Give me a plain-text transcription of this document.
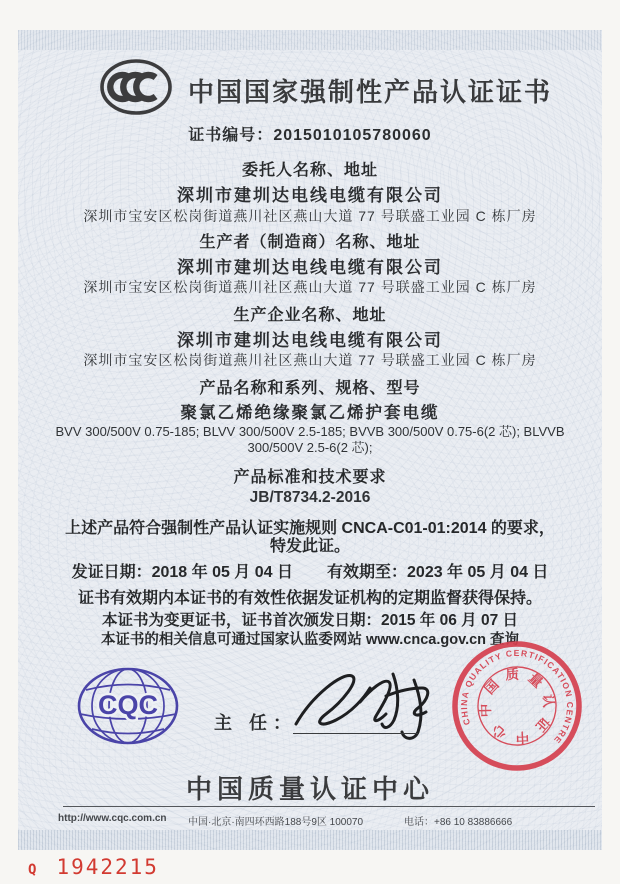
中国国家强制性产品认证证书
证书编号：2015010105780060
委托人名称、地址
深圳市建圳达电线电缆有限公司
深圳市宝安区松岗街道燕川社区燕山大道 77 号联盛工业园 C 栋厂房
生产者（制造商）名称、地址
深圳市建圳达电线电缆有限公司
深圳市宝安区松岗街道燕川社区燕山大道 77 号联盛工业园 C 栋厂房
生产企业名称、地址
深圳市建圳达电线电缆有限公司
深圳市宝安区松岗街道燕川社区燕山大道 77 号联盛工业园 C 栋厂房
产品名称和系列、规格、型号
聚氯乙烯绝缘聚氯乙烯护套电缆
BVV 300/500V 0.75-185; BLVV 300/500V 2.5-185; BVVB 300/500V 0.75-6(2 芯); BLVVB
300/500V 2.5-6(2 芯);
产品标准和技术要求
JB/T8734.2-2016
上述产品符合强制性产品认证实施规则 CNCA-C01-01:2014 的要求，
特发此证。
发证日期：2018 年 05 月 04 日 有效期至：2023 年 05 月 04 日
证书有效期内本证书的有效性依据发证机构的定期监督获得保持。
本证书为变更证书，证书首次颁发日期：2015 年 06 月 07 日
本证书的相关信息可通过国家认监委网站 www.cnca.gov.cn 查询
CQC
主 任：	CHINA QUALITY CERTIFICATION CENTRE
中国质量认证中心
中国质量认证中心
http://www.cqc.com.cn 中国·北京·南四环西路188号9区 100070	电话：+86 10 83886666
Q 1942215
